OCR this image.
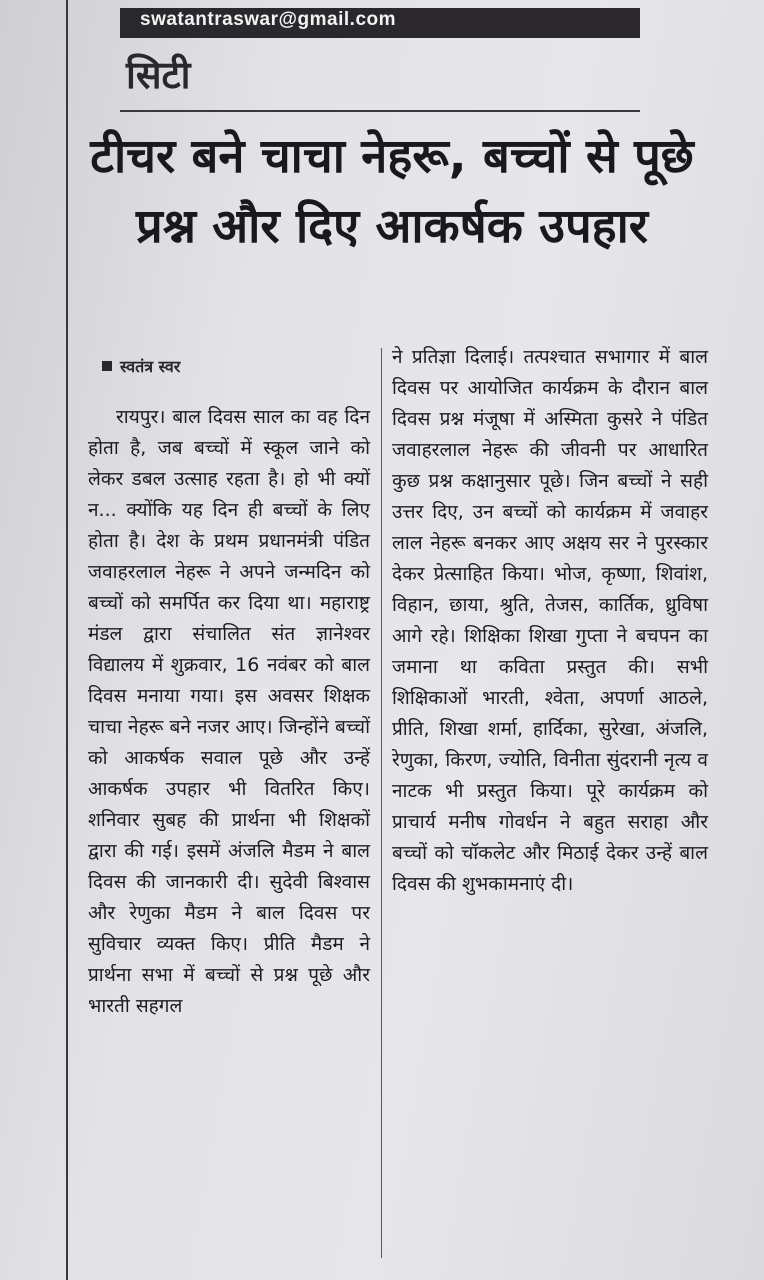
swatantraswar@gmail.com
सिटी
टीचर बने चाचा नेहरू, बच्चों से पूछे प्रश्न और दिए आकर्षक उपहार
स्वतंत्र स्वर

रायपुर। बाल दिवस साल का वह दिन होता है, जब बच्चों में स्कूल जाने को लेकर डबल उत्साह रहता है। हो भी क्यों न... क्योंकि यह दिन ही बच्चों के लिए होता है। देश के प्रथम प्रधानमंत्री पंडित जवाहरलाल नेहरू ने अपने जन्मदिन को बच्चों को समर्पित कर दिया था। महाराष्ट्र मंडल द्वारा संचालित संत ज्ञानेश्वर विद्यालय में शुक्रवार, 16 नवंबर को बाल दिवस मनाया गया। इस अवसर शिक्षक चाचा नेहरू बने नजर आए। जिन्होंने बच्चों को आकर्षक सवाल पूछे और उन्हें आकर्षक उपहार भी वितरित किए। शनिवार सुबह की प्रार्थना भी शिक्षकों द्वारा की गई। इसमें अंजलि मैडम ने बाल दिवस की जानकारी दी। सुदेवी बिश्वास और रेणुका मैडम ने बाल दिवस पर सुविचार व्यक्त किए। प्रीति मैडम ने प्रार्थना सभा में बच्चों से प्रश्न पूछे और भारती सहगल

ने प्रतिज्ञा दिलाई। तत्पश्चात सभागार में बाल दिवस पर आयोजित कार्यक्रम के दौरान बाल दिवस प्रश्न मंजूषा में अस्मिता कुसरे ने पंडित जवाहरलाल नेहरू की जीवनी पर आधारित कुछ प्रश्न कक्षानुसार पूछे। जिन बच्चों ने सही उत्तर दिए, उन बच्चों को कार्यक्रम में जवाहर लाल नेहरू बनकर आए अक्षय सर ने पुरस्कार देकर प्रेत्साहित किया। भोज, कृष्णा, शिवांश, विहान, छाया, श्रुति, तेजस, कार्तिक, ध्रुविषा आगे रहे। शिक्षिका शिखा गुप्ता ने बचपन का जमाना था कविता प्रस्तुत की। सभी शिक्षिकाओं भारती, श्वेता, अपर्णा आठले, प्रीति, शिखा शर्मा, हार्दिका, सुरेखा, अंजलि, रेणुका, किरण, ज्योति, विनीता सुंदरानी नृत्य व नाटक भी प्रस्तुत किया। पूरे कार्यक्रम को प्राचार्य मनीष गोवर्धन ने बहुत सराहा और बच्चों को चॉकलेट और मिठाई देकर उन्हें बाल दिवस की शुभकामनाएं दी।
